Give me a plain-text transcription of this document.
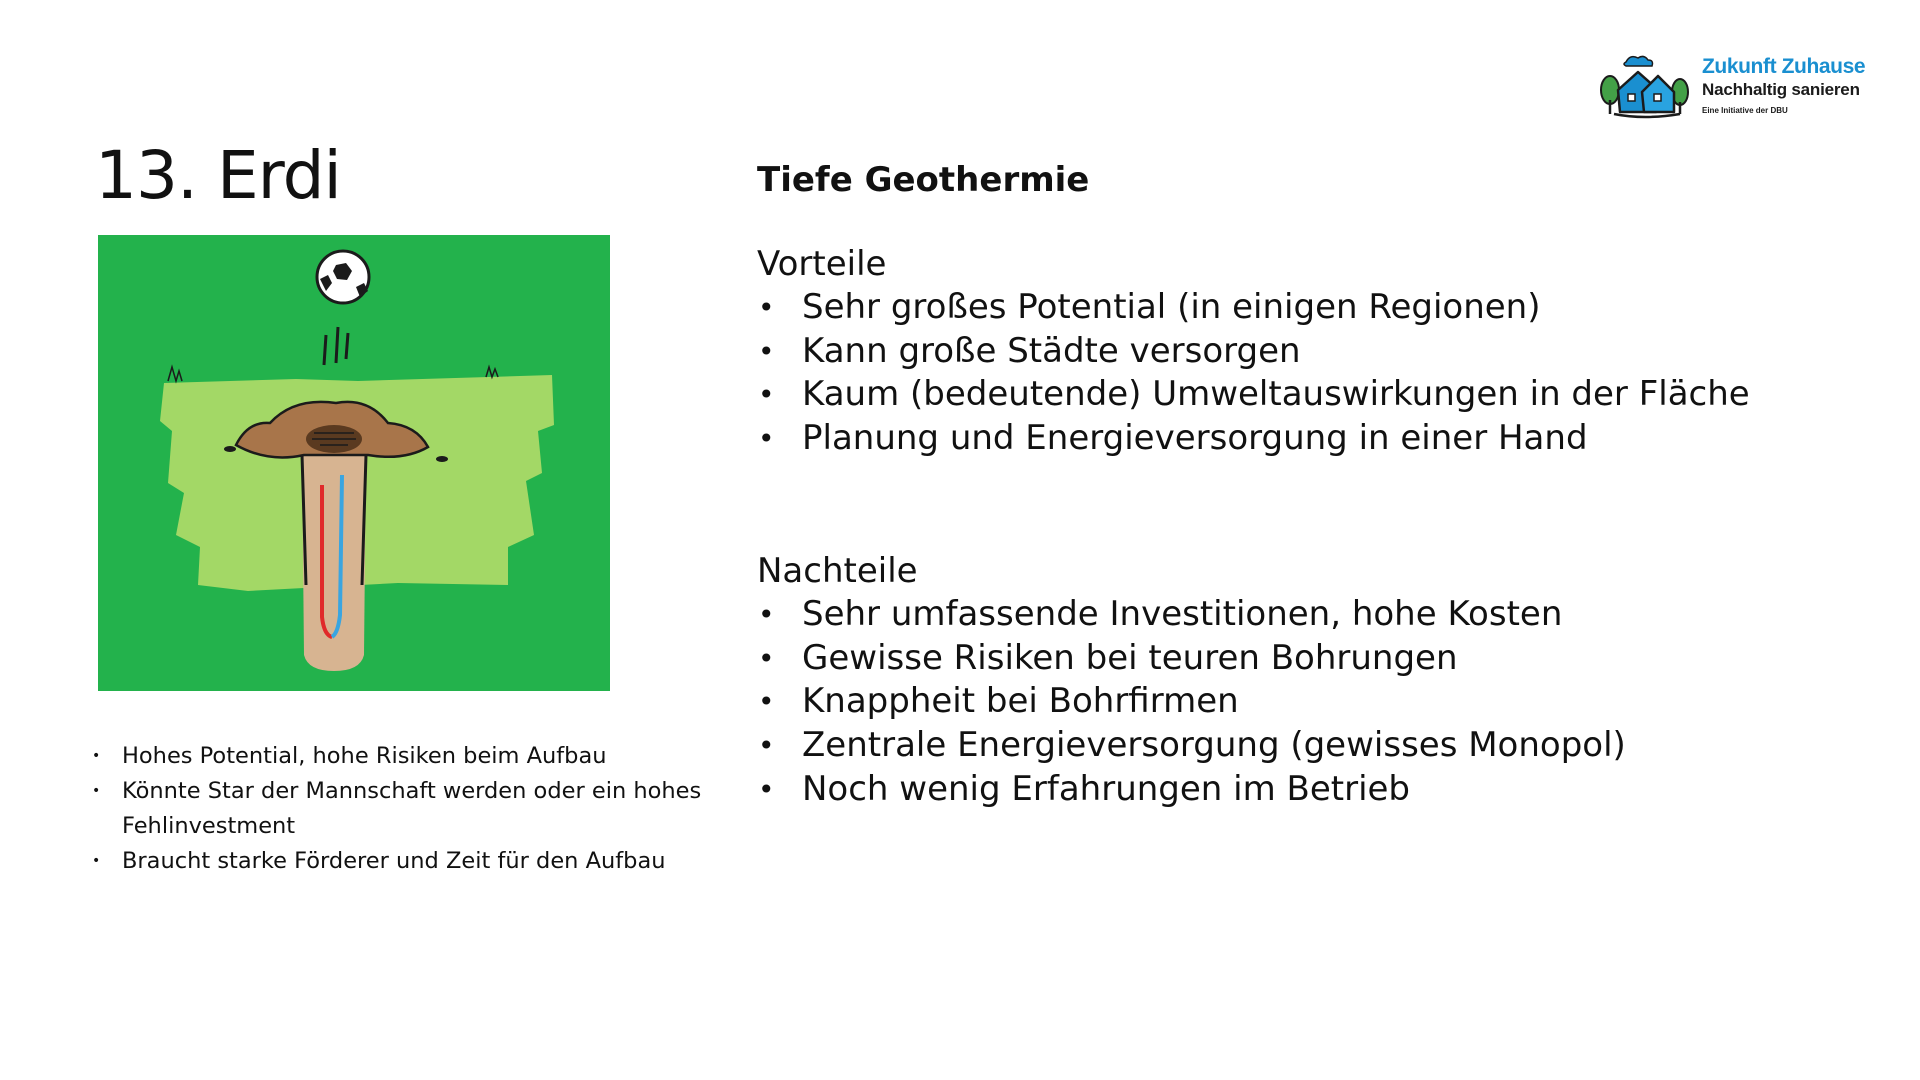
13. Erdi
Zukunft Zuhause
Nachhaltig sanieren
Eine Initiative der DBU
• Hohes Potential, hohe Risiken beim Aufbau
• Könnte Star der Mannschaft werden oder ein hohes Fehlinvestment
• Braucht starke Förderer und Zeit für den Aufbau
Tiefe Geothermie

Vorteile

• Sehr großes Potential (in einigen Regionen)
• Kann große Städte versorgen
• Kaum (bedeutende) Umweltauswirkungen in der Fläche
• Planung und Energieversorgung in einer Hand

Nachteile

• Sehr umfassende Investitionen, hohe Kosten
• Gewisse Risiken bei teuren Bohrungen
• Knappheit bei Bohrfirmen
• Zentrale Energieversorgung (gewisses Monopol)
• Noch wenig Erfahrungen im Betrieb
